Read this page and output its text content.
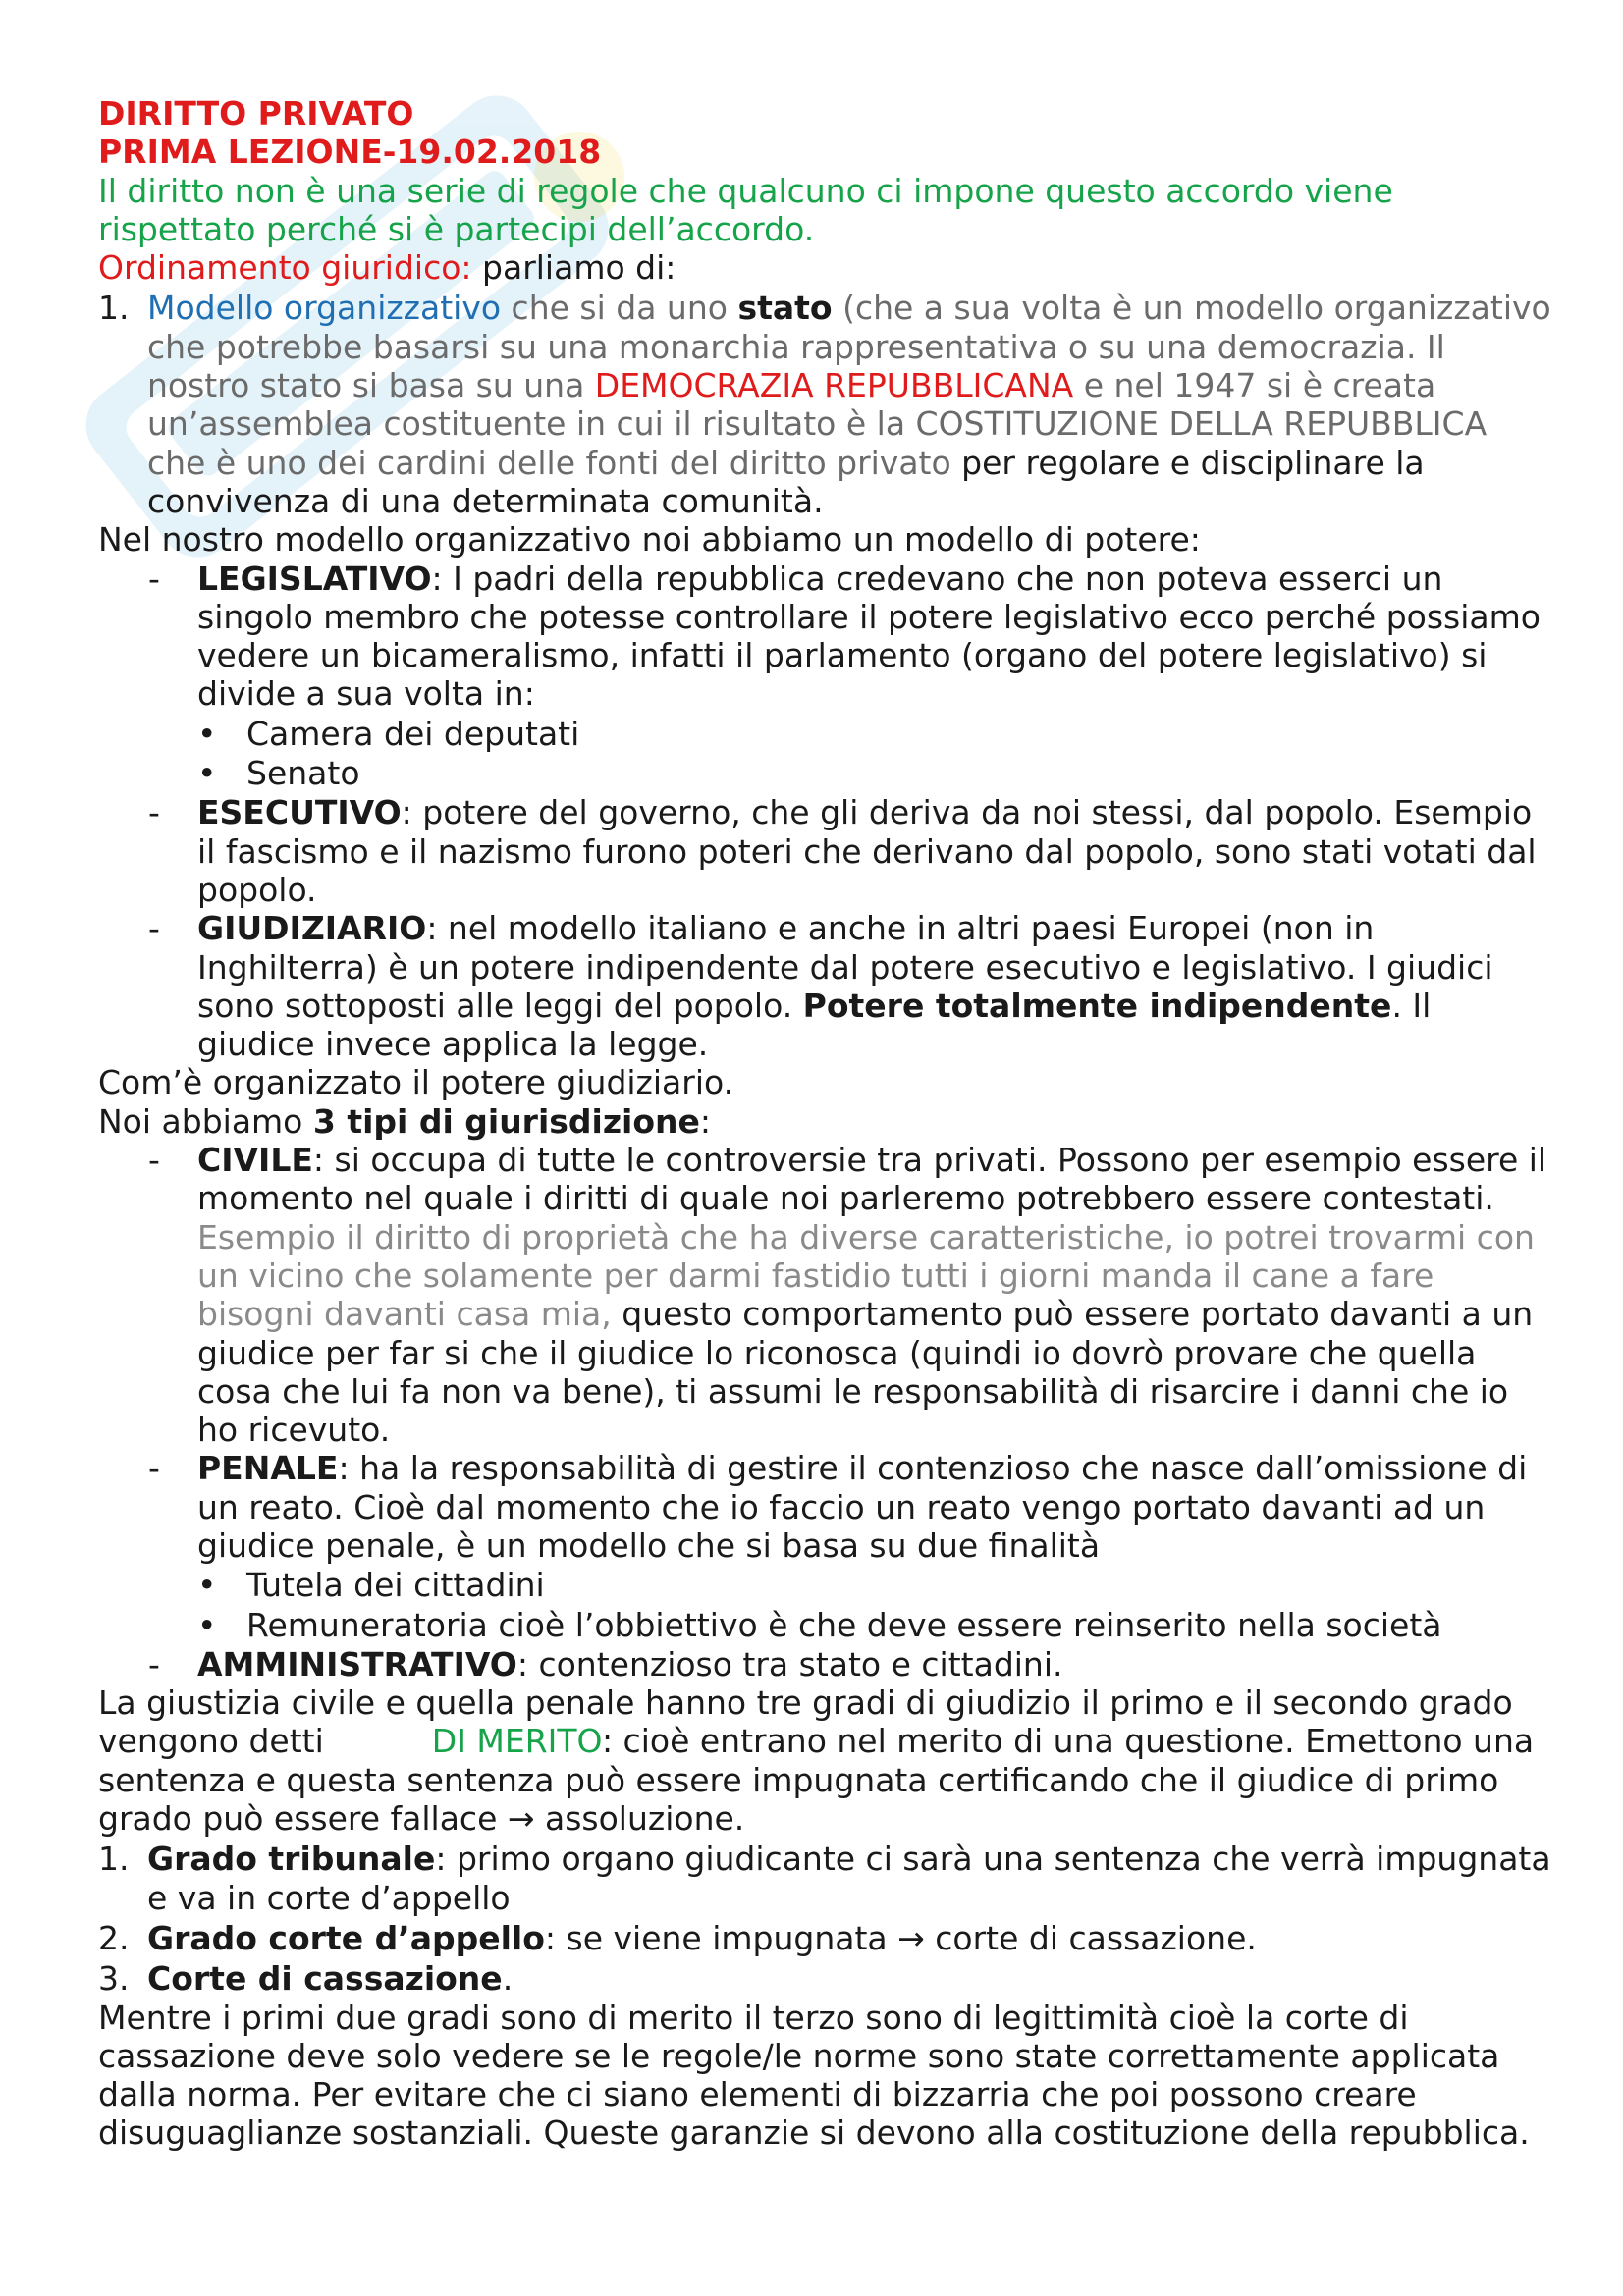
DIRITTO PRIVATO

PRIMA LEZIONE-19.02.2018

Il diritto non è una serie di regole che qualcuno ci impone questo accordo viene rispettato perché si è partecipi dell’accordo.

Ordinamento giuridico: parliamo di:

1. Modello organizzativo che si da uno stato (che a sua volta è un modello organizzativo che potrebbe basarsi su una monarchia rappresentativa o su una democrazia. Il nostro stato si basa su una DEMOCRAZIA REPUBBLICANA e nel 1947 si è creata un’assemblea costituente in cui il risultato è la COSTITUZIONE DELLA REPUBBLICA che è uno dei cardini delle fonti del diritto privato per regolare e disciplinare la convivenza di una determinata comunità.

Nel nostro modello organizzativo noi abbiamo un modello di potere:

- LEGISLATIVO: I padri della repubblica credevano che non poteva esserci un singolo membro che potesse controllare il potere legislativo ecco perché possiamo vedere un bicameralismo, infatti il parlamento (organo del potere legislativo) si divide a sua volta in:
• Camera dei deputati
• Senato
- ESECUTIVO: potere del governo, che gli deriva da noi stessi, dal popolo. Esempio il fascismo e il nazismo furono poteri che derivano dal popolo, sono stati votati dal popolo.
- GIUDIZIARIO: nel modello italiano e anche in altri paesi Europei (non in Inghilterra) è un potere indipendente dal potere esecutivo e legislativo. I giudici sono sottoposti alle leggi del popolo. Potere totalmente indipendente. Il giudice invece applica la legge.

Com’è organizzato il potere giudiziario.

Noi abbiamo 3 tipi di giurisdizione:

- CIVILE: si occupa di tutte le controversie tra privati. Possono per esempio essere il momento nel quale i diritti di quale noi parleremo potrebbero essere contestati. Esempio il diritto di proprietà che ha diverse caratteristiche, io potrei trovarmi con un vicino che solamente per darmi fastidio tutti i giorni manda il cane a fare bisogni davanti casa mia, questo comportamento può essere portato davanti a un giudice per far si che il giudice lo riconosca (quindi io dovrò provare che quella cosa che lui fa non va bene), ti assumi le responsabilità di risarcire i danni che io ho ricevuto.
- PENALE: ha la responsabilità di gestire il contenzioso che nasce dall’omissione di un reato. Cioè dal momento che io faccio un reato vengo portato davanti ad un giudice penale, è un modello che si basa su due finalità
• Tutela dei cittadini
• Remuneratoria cioè l’obbiettivo è che deve essere reinserito nella società
- AMMINISTRATIVO: contenzioso tra stato e cittadini.

La giustizia civile e quella penale hanno tre gradi di giudizio il primo e il secondo grado vengono detti	DI MERITO: cioè entrano nel merito di una questione. Emettono una sentenza e questa sentenza può essere impugnata certificando che il giudice di primo grado può essere fallace → assoluzione.

1. Grado tribunale: primo organo giudicante ci sarà una sentenza che verrà impugnata e va in corte d’appello
2. Grado corte d’appello: se viene impugnata → corte di cassazione.
3. Corte di cassazione.

Mentre i primi due gradi sono di merito il terzo sono di legittimità cioè la corte di cassazione deve solo vedere se le regole/le norme sono state correttamente applicata dalla norma. Per evitare che ci siano elementi di bizzarria che poi possono creare disuguaglianze sostanziali. Queste garanzie si devono alla costituzione della repubblica.
